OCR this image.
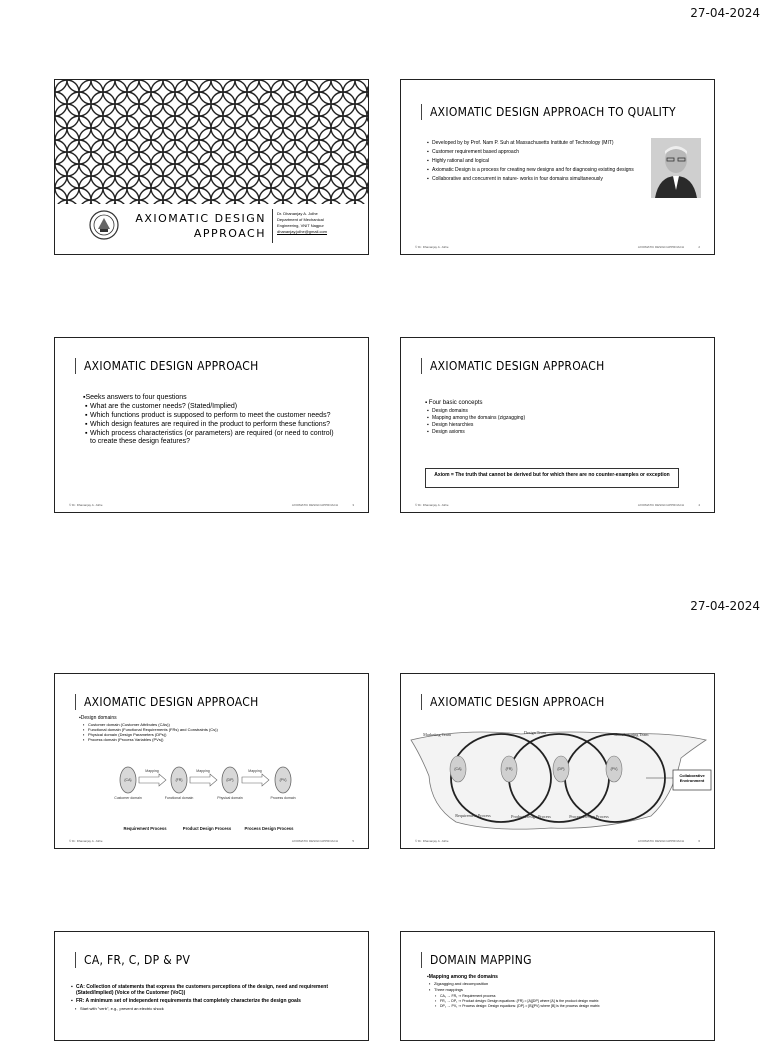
27-04-2024
AXIOMATIC DESIGN
APPROACH
Dr. Dhananjay A. Jolhe
Department of Mechanical
Engineering, VNIT Nagpur
dhananjay.jolhe@gmail.com
AXIOMATIC DESIGN APPROACH TO QUALITY
▪ Developed by by Prof. Nam P. Suh at Massachusetts Institute of Technology (MIT)
▪ Customer requirement based approach
▪ Highly rational and logical
▪ Axiomatic Design is a process for creating new designs and for diagnosing existing designs
▪ Collaborative and concurrent in nature- works in four domains simultaneously
© Dr. Dhananjay A. Jolhe	AXIOMATIC DESIGN APPROACH	2
AXIOMATIC DESIGN APPROACH
▪Seeks answers to four questions
▪ What are the customer needs? (Stated/Implied)
▪ Which functions product is supposed to perform to meet the customer needs?
▪ Which design features are required in the product to perform these functions?
▪ Which process characteristics (or parameters) are required (or need to control) to create these design features?
© Dr. Dhananjay A. Jolhe	AXIOMATIC DESIGN APPROACH	3
AXIOMATIC DESIGN APPROACH
▪ Four basic concepts
▪ Design domains
▪ Mapping among the domains (zigzagging)
▪ Design hierarchies
▪ Design axioms
Axiom = The truth that cannot be derived but for which there are no counter-examples or exception
© Dr. Dhananjay A. Jolhe	AXIOMATIC DESIGN APPROACH	4
27-04-2024
AXIOMATIC DESIGN APPROACH
▪Design domains
▪ Customer domain (Customer Attributes (CAs))
▪ Functional domain (Functional Requirements (FRs) and Constraints (Cs))
▪ Physical domain (Design Parameters (DPs))
▪ Process domain (Process Variables (PVs))
{CA}	{FR}	{DP}	{PV}
Mapping	Mapping	Mapping
Customer domain	Functional domain	Physical domain	Process domain
Requirement Process	Product Design Process	Process Design Process
© Dr. Dhananjay A. Jolhe	AXIOMATIC DESIGN APPROACH	5
AXIOMATIC DESIGN APPROACH
{CA}	{FR}	{DP}	{PV}
Marketing Team	Design Team	Manufacturing Team
Requirement Process	Product Design Process	Process Design Process
Collaborative Environment
© Dr. Dhananjay A. Jolhe	AXIOMATIC DESIGN APPROACH	6
CA, FR, C, DP & PV
▪ CA: Collection of statements that express the customers perceptions of the design, need and requirement (Stated/Implied) (Voice of the Customer (VoC))
▪ FR: A minimum set of independent requirements that completely characterize the design goals
▪ Start with "verb", e.g., prevent an electric shock
DOMAIN MAPPING
▪Mapping among the domains
▪ Zigzagging and decomposition
▪ Three mappings
▪ CA₁ → FR₁ ⇒ Requirement process
▪ FR₁ → DP₁ ⇒ Product design: Design equations: {FR} = [A]{DP} where [A] is the product design matrix
▪ DP₁ → PV₁ ⇒ Process design: Design equations: {DP} = [B]{PV} where [B] is the process design matrix
